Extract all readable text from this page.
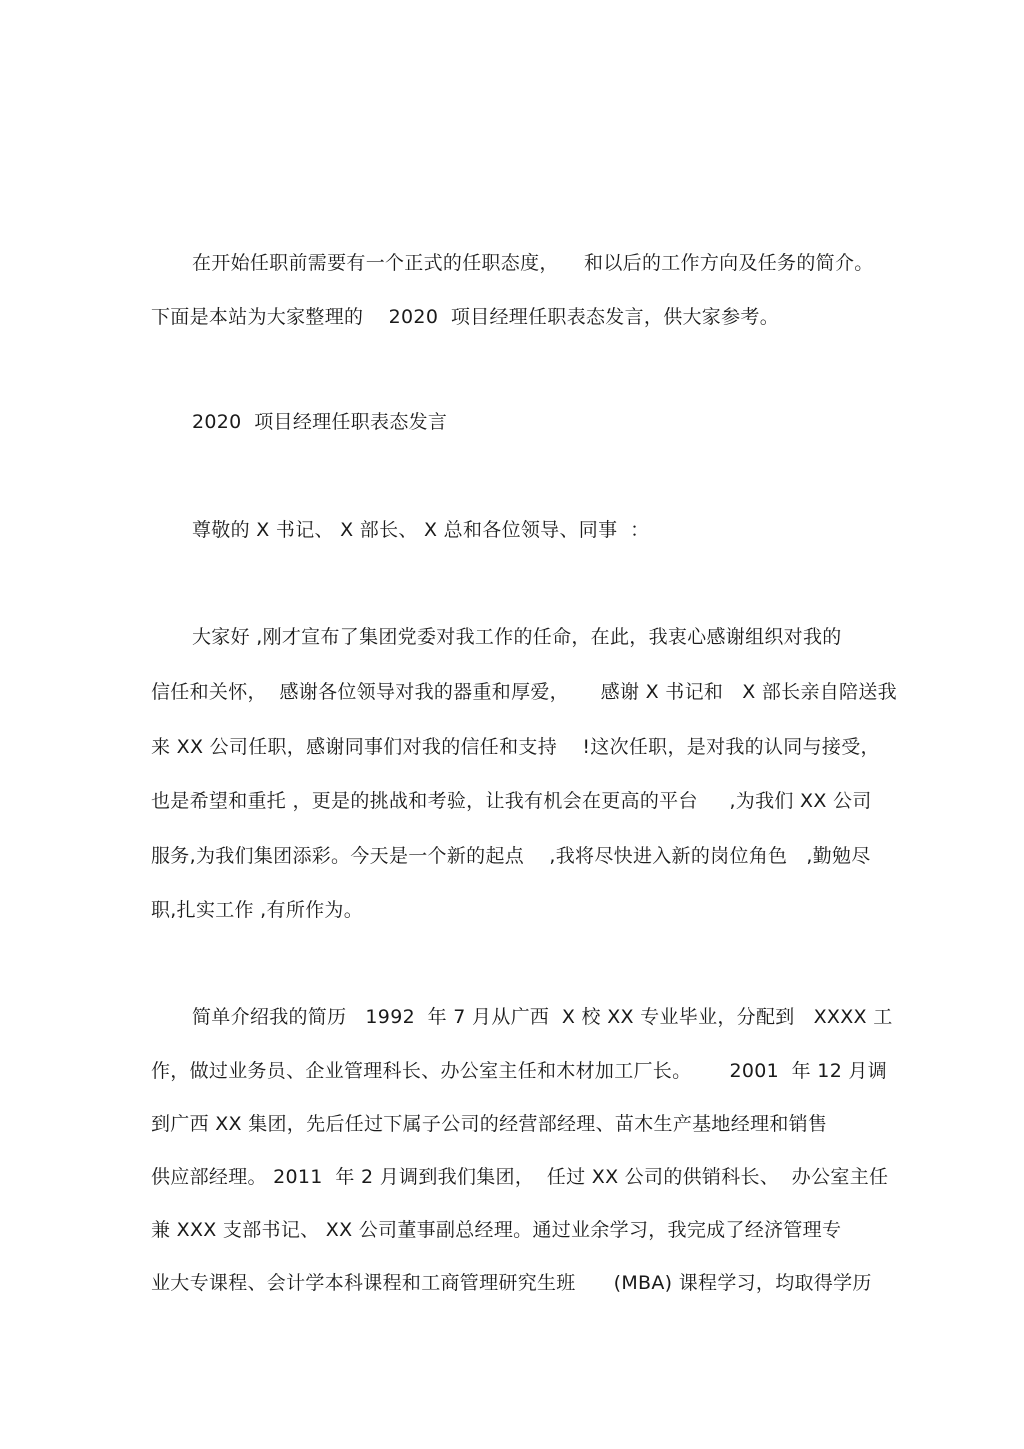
在开始任职前需要有一个正式的任职态度，    和以后的工作方向及任务的简介。
下面是本站为大家整理的    2020  项目经理任职表态发言，供大家参考。
2020  项目经理任职表态发言
尊敬的 X 书记、 X 部长、 X 总和各位领导、同事  ：
大家好 ,刚才宣布了集团党委对我工作的任命，在此，我衷心感谢组织对我的
信任和关怀，  感谢各位领导对我的器重和厚爱，     感谢 X 书记和   X 部长亲自陪送我
来 XX 公司任职，感谢同事们对我的信任和支持    !这次任职，是对我的认同与接受，
也是希望和重托 ，更是的挑战和考验，让我有机会在更高的平台     ,为我们 XX 公司
服务,为我们集团添彩。今天是一个新的起点    ,我将尽快进入新的岗位角色   ,勤勉尽
职,扎实工作 ,有所作为。
简单介绍我的简历   1992  年 7 月从广西  X 校 XX 专业毕业，分配到   XXXX 工
作，做过业务员、企业管理科长、办公室主任和木材加工厂长。      2001  年 12 月调
到广西 XX 集团，先后任过下属子公司的经营部经理、苗木生产基地经理和销售
供应部经理。 2011  年 2 月调到我们集团，  任过 XX 公司的供销科长、  办公室主任
兼 XXX 支部书记、 XX 公司董事副总经理。通过业余学习，我完成了经济管理专
业大专课程、会计学本科课程和工商管理研究生班      (MBA) 课程学习，均取得学历
